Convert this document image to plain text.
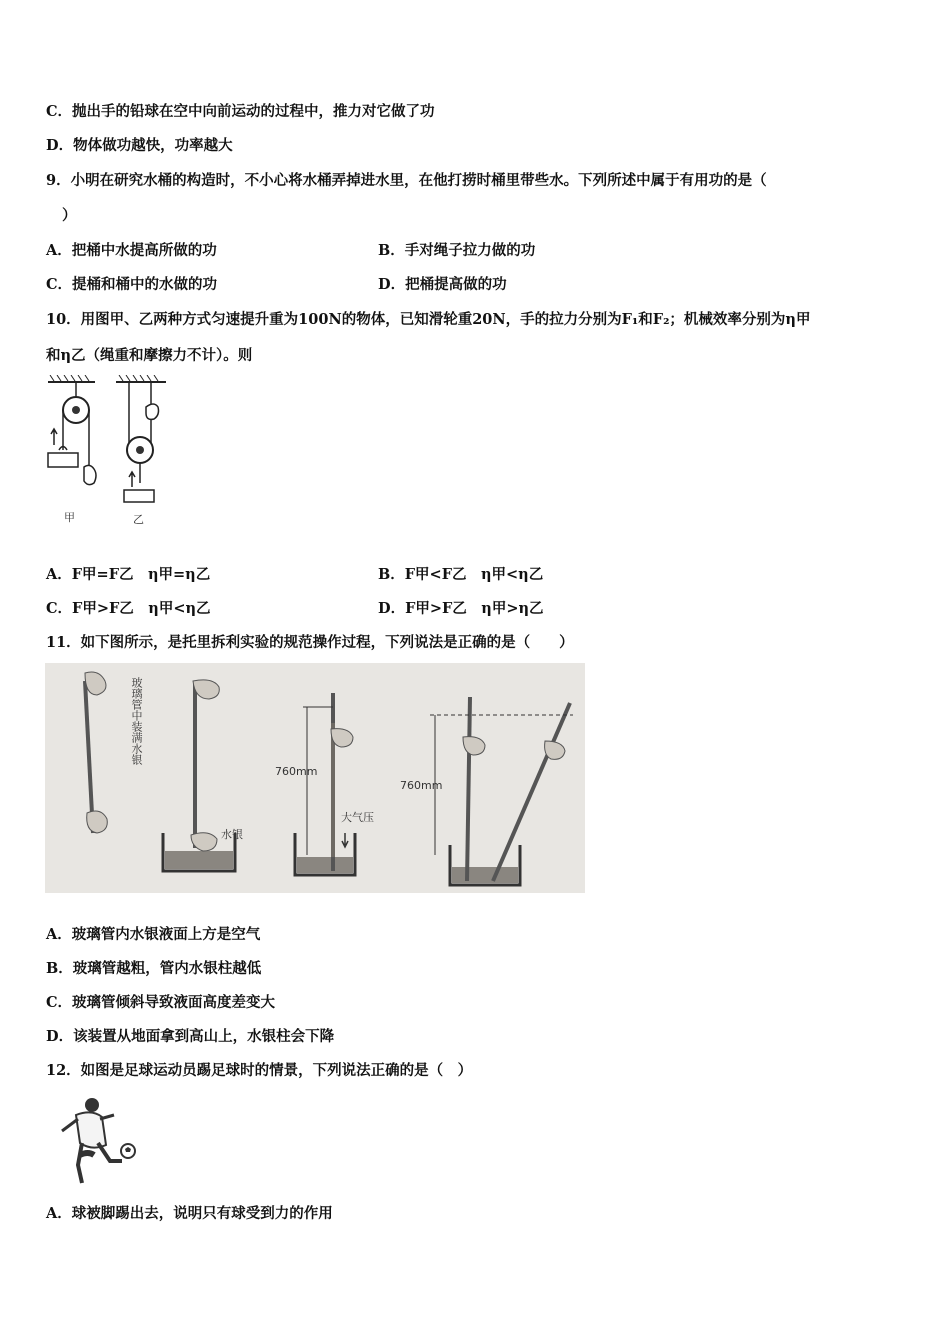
C．抛出手的铅球在空中向前运动的过程中，推力对它做了功
D．物体做功越快，功率越大
9．小明在研究水桶的构造时，不小心将水桶弄掉进水里，在他打捞时桶里带些水。下列所述中属于有用功的是（
）
A．把桶中水提高所做的功	B．手对绳子拉力做的功
C．提桶和桶中的水做的功	D．把桶提高做的功
10．用图甲、乙两种方式匀速提升重为100N的物体，已知滑轮重20N，手的拉力分别为F₁和F₂；机械效率分别为η甲
和η乙（绳重和摩擦力不计）。则
甲	乙
A．F甲=F乙　η甲=η乙	B．F甲<F乙　η甲<η乙
C．F甲>F乙　η甲<η乙	D．F甲>F乙　η甲>η乙
11．如下图所示，是托里拆利实验的规范操作过程，下列说法是正确的是（　　）
玻璃管中装满水银
水银
760mm
大气压
760mm
A．玻璃管内水银液面上方是空气
B．玻璃管越粗，管内水银柱越低
C．玻璃管倾斜导致液面高度差变大
D．该装置从地面拿到高山上，水银柱会下降
12．如图是足球运动员踢足球时的情景，下列说法正确的是（　）
A．球被脚踢出去，说明只有球受到力的作用
